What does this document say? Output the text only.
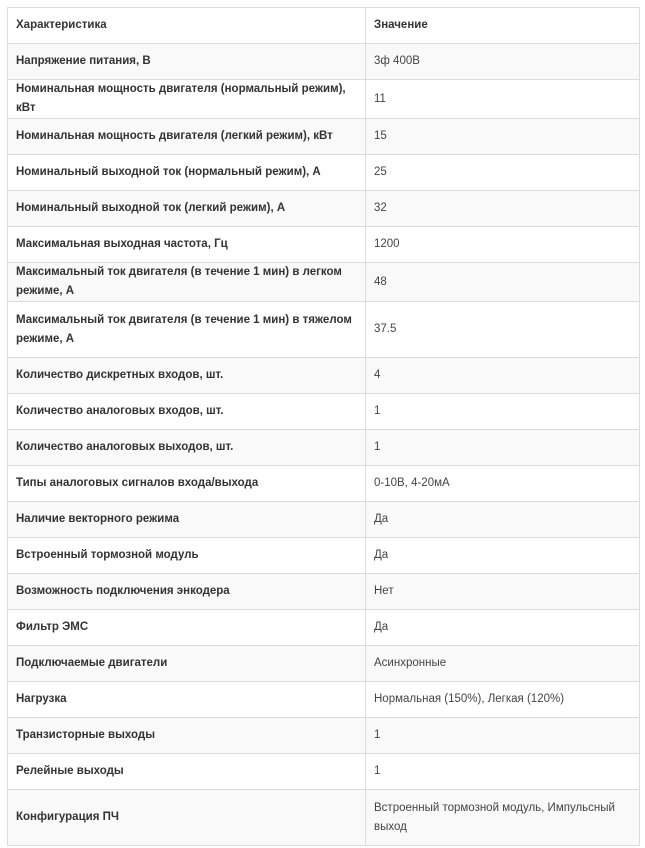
Характеристика	Значение
Напряжение питания, В	3ф 400В
Номинальная мощность двигателя (нормальный режим), кВт	11
Номинальная мощность двигателя (легкий режим), кВт	15
Номинальный выходной ток (нормальный режим), А	25
Номинальный выходной ток (легкий режим), А	32
Максимальная выходная частота, Гц	1200
Максимальный ток двигателя (в течение 1 мин) в легком режиме, А	48
Максимальный ток двигателя (в течение 1 мин) в тяжелом режиме, А	37.5
Количество дискретных входов, шт.	4
Количество аналоговых входов, шт.	1
Количество аналоговых выходов, шт.	1
Типы аналоговых сигналов входа/выхода	0-10В, 4-20мА
Наличие векторного режима	Да
Встроенный тормозной модуль	Да
Возможность подключения энкодера	Нет
Фильтр ЭМС	Да
Подключаемые двигатели	Асинхронные
Нагрузка	Нормальная (150%), Легкая (120%)
Транзисторные выходы	1
Релейные выходы	1
Конфигурация ПЧ	Встроенный тормозной модуль, Импульсный выход
